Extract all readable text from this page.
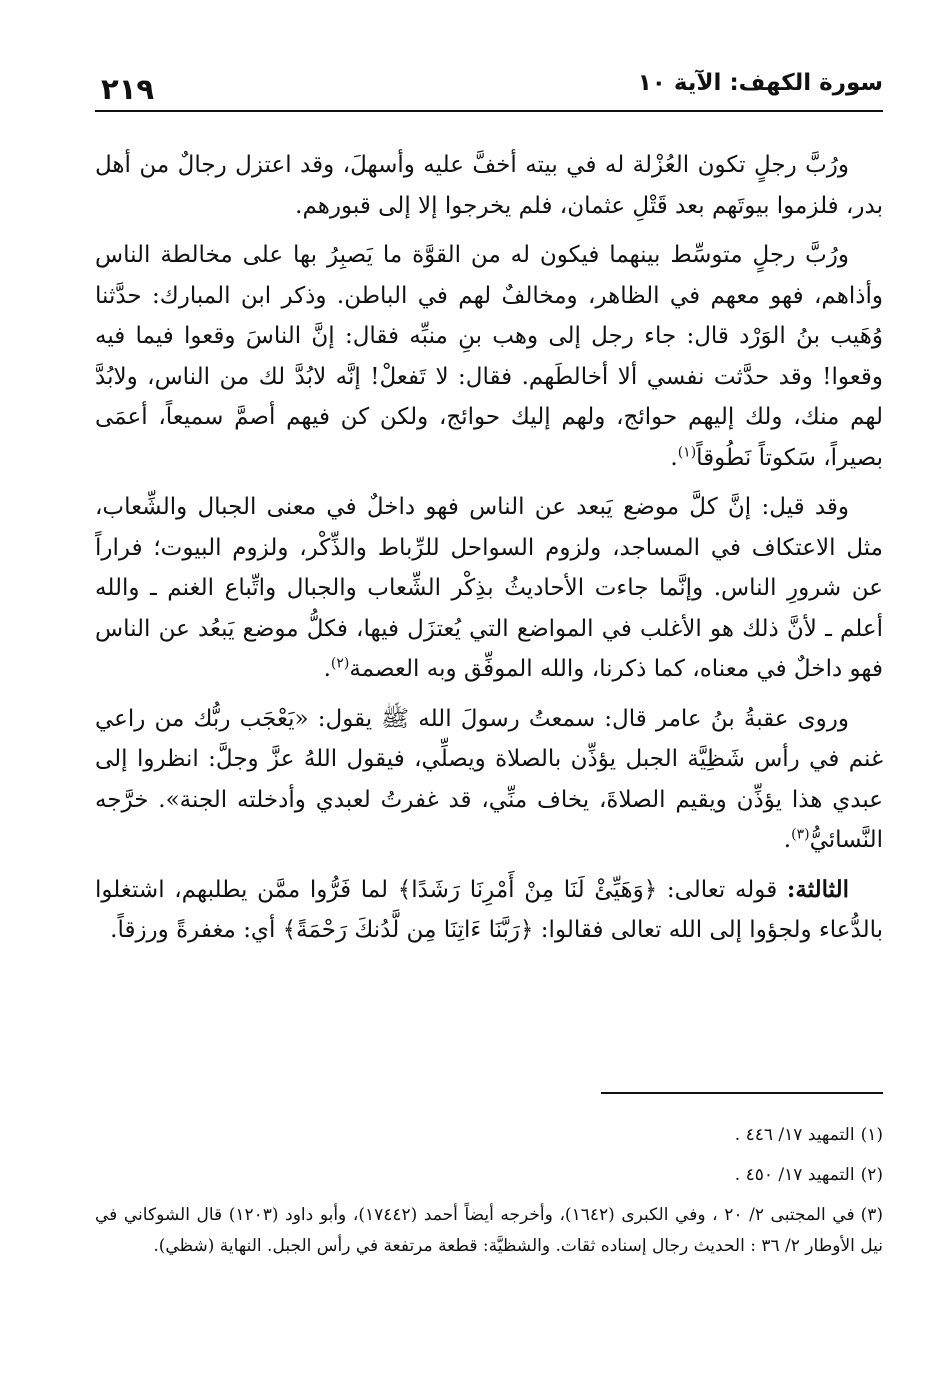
سورة الكهف: الآية ١٠
٢١٩

ورُبَّ رجلٍ تكون العُزْلة له في بيته أخفَّ عليه وأسهلَ، وقد اعتزل رجالٌ من أهل بدر، فلزموا بيوتَهم بعد قَتْلِ عثمان، فلم يخرجوا إلا إلى قبورهم.

ورُبَّ رجلٍ متوسِّط بينهما فيكون له من القوَّة ما يَصبِرُ بها على مخالطة الناس وأذاهم، فهو معهم في الظاهر، ومخالفٌ لهم في الباطن. وذكر ابن المبارك: حدَّثنا وُهَيب بنُ الوَرْد قال: جاء رجل إلى وهب بنِ منبِّه فقال: إنَّ الناسَ وقعوا فيما فيه وقعوا! وقد حدَّثت نفسي ألا أخالطَهم. فقال: لا تَفعلْ! إنَّه لابُدَّ لك من الناس، ولابُدَّ لهم منك، ولك إليهم حوائج، ولهم إليك حوائج، ولكن كن فيهم أصمَّ سميعاً، أعمَى بصيراً، سَكوتاً نَطُوقاً$^{(١)}$.

وقد قيل: إنَّ كلَّ موضع يَبعد عن الناس فهو داخلٌ في معنى الجبال والشِّعاب، مثل الاعتكاف في المساجد، ولزوم السواحل للرِّباط والذِّكْر، ولزوم البيوت؛ فراراً عن شرورِ الناس. وإنَّما جاءت الأحاديثُ بذِكْر الشِّعاب والجبال واتِّباع الغنم ـ والله أعلم ـ لأنَّ ذلك هو الأغلب في المواضع التي يُعتزَل فيها، فكلُّ موضع يَبعُد عن الناس فهو داخلٌ في معناه، كما ذكرنا، والله الموفِّق وبه العصمة$^{(٢)}$.

وروى عقبةُ بنُ عامر قال: سمعتُ رسولَ الله ﷺ يقول: «يَعْجَب ربُّك من راعي غنم في رأس شَظِيَّة الجبل يؤذِّن بالصلاة ويصلِّي، فيقول اللهُ عزَّ وجلَّ: انظروا إلى عبدي هذا يؤذِّن ويقيم الصلاةَ، يخاف منِّي، قد غفرتُ لعبدي وأدخلته الجنة». خرَّجه النَّسائيُّ$^{(٣)}$.

الثالثة: قوله تعالى: ﴿وَهَيِّئْ لَنَا مِنْ أَمْرِنَا رَشَدًا﴾ لما فَرُّوا ممَّن يطلبهم، اشتغلوا بالدُّعاء ولجؤوا إلى الله تعالى فقالوا: ﴿رَبَّنَا ءَاتِنَا مِن لَّدُنكَ رَحْمَةً﴾ أي: مغفرةً ورزقاً.

(١)التمهيد ١٧/ ٤٤٦ .

(٢)التمهيد ١٧/ ٤٥٠ .

(٣)في المجتبى ٢/ ٢٠ ، وفي الكبرى (١٦٤٢)، وأخرجه أيضاً أحمد (١٧٤٤٢)، وأبو داود (١٢٠٣) قال الشوكاني في نيل الأوطار ٢/ ٣٦ : الحديث رجال إسناده ثقات. والشظيَّة: قطعة مرتفعة في رأس الجبل. النهاية (شظي).
